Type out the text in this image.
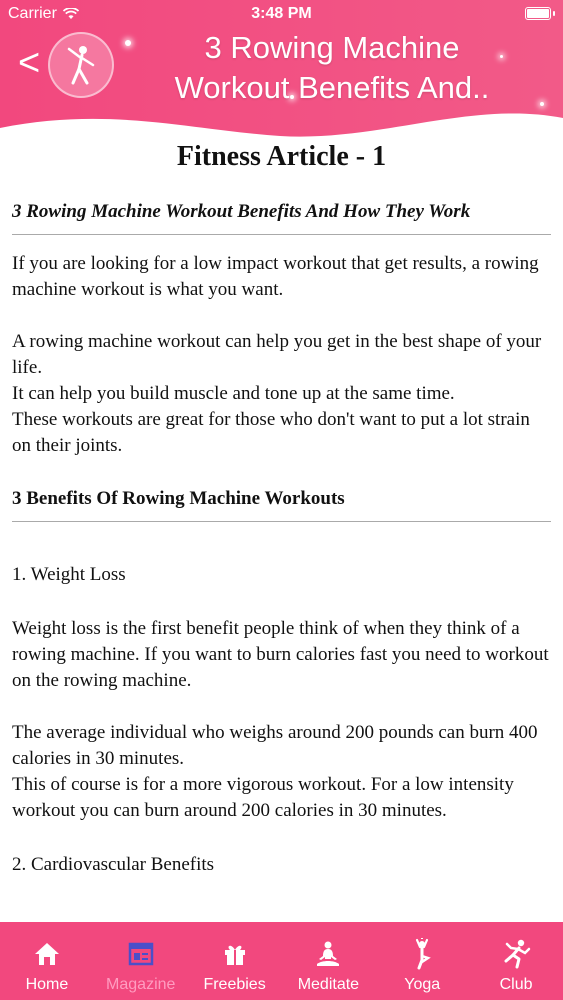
Carrier	3:48 PM
<	3 Rowing Machine
Workout Benefits And..
Fitness Article - 1
3 Rowing Machine Workout Benefits And How They Work
If you are looking for a low impact workout that get results, a rowing machine workout is what you want.
A rowing machine workout can help you get in the best shape of your life.
It can help you build muscle and tone up at the same time.
These workouts are great for those who don't want to put a lot strain on their joints.
3 Benefits Of Rowing Machine Workouts
1. Weight Loss
Weight loss is the first benefit people think of when they think of a rowing machine. If you want to burn calories fast you need to workout on the rowing machine.
The average individual who weighs around 200 pounds can burn 400 calories in 30 minutes.
This of course is for a more vigorous workout. For a low intensity workout you can burn around 200 calories in 30 minutes.
2. Cardiovascular Benefits
Home Magazine Freebies Meditate	Yoga	Club
